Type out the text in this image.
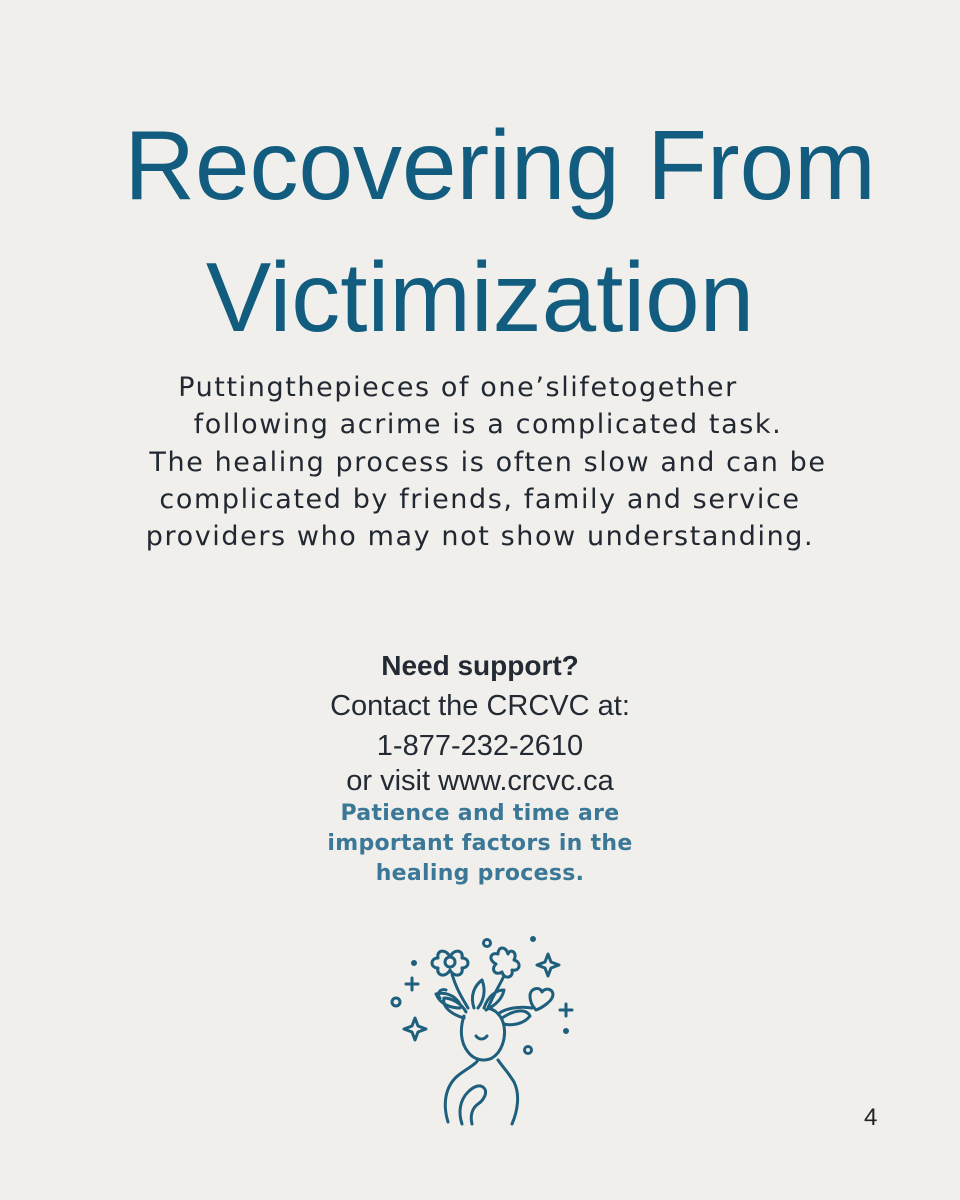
Recovering From
Victimization
Puttingthepieces of one’slifetogether
following acrime is a complicated task.
The healing process is often slow and can be
complicated by friends, family and service
providers who may not show understanding.
Need support?
Contact the CRCVC at:
1-877-232-2610
or visit www.crcvc.ca
Patience and time are
important factors in the
healing process.
4
